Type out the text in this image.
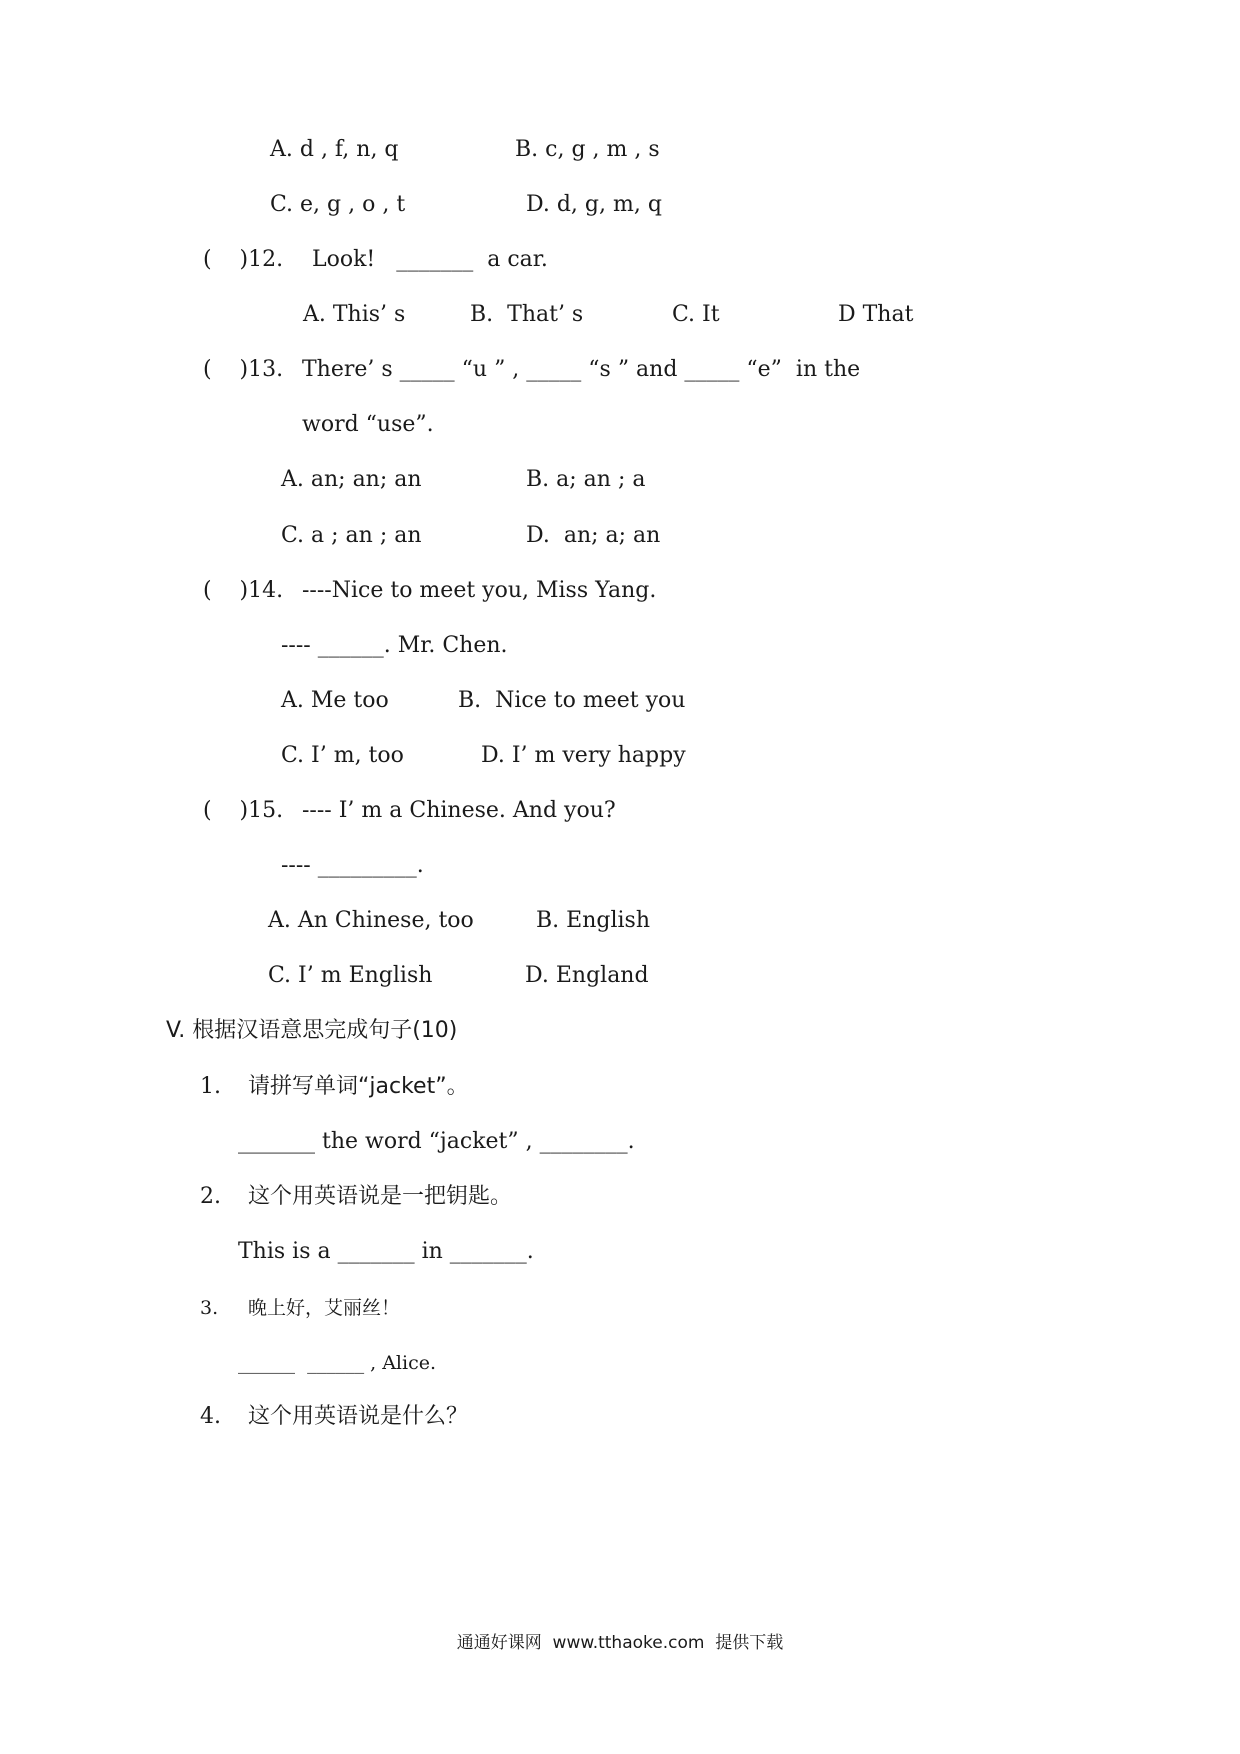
A. d , f, n, q	B. c, g , m , s
C. e, g , o , t	D. d, g, m, q
(    )12. Look!   _______  a car.
A. This’ s	B.  That’ s	C. It	D That
(    )13. There’ s _____ “u ” , _____ “s ” and _____ “e”  in the
word “use”.
A. an; an; an	B. a; an ; a
C. a ; an ; an	D.  an; a; an
(    )14. ----Nice to meet you, Miss Yang.
---- ______. Mr. Chen.
A. Me too	B.  Nice to meet you
C. I’ m, too	D. I’ m very happy
(    )15. ---- I’ m a Chinese. And you?
---- _________.
A. An Chinese, too	B. English
C. I’ m English	D. England
V. 根据汉语意思完成句子(10)
1. 请拼写单词“jacket”。
_______ the word “jacket” , ________.
2. 这个用英语说是一把钥匙。
This is a _______ in _______.
3. 晚上好，艾丽丝！
______  ______ , Alice.
4. 这个用英语说是什么？
通通好课网  www.tthaoke.com  提供下载
